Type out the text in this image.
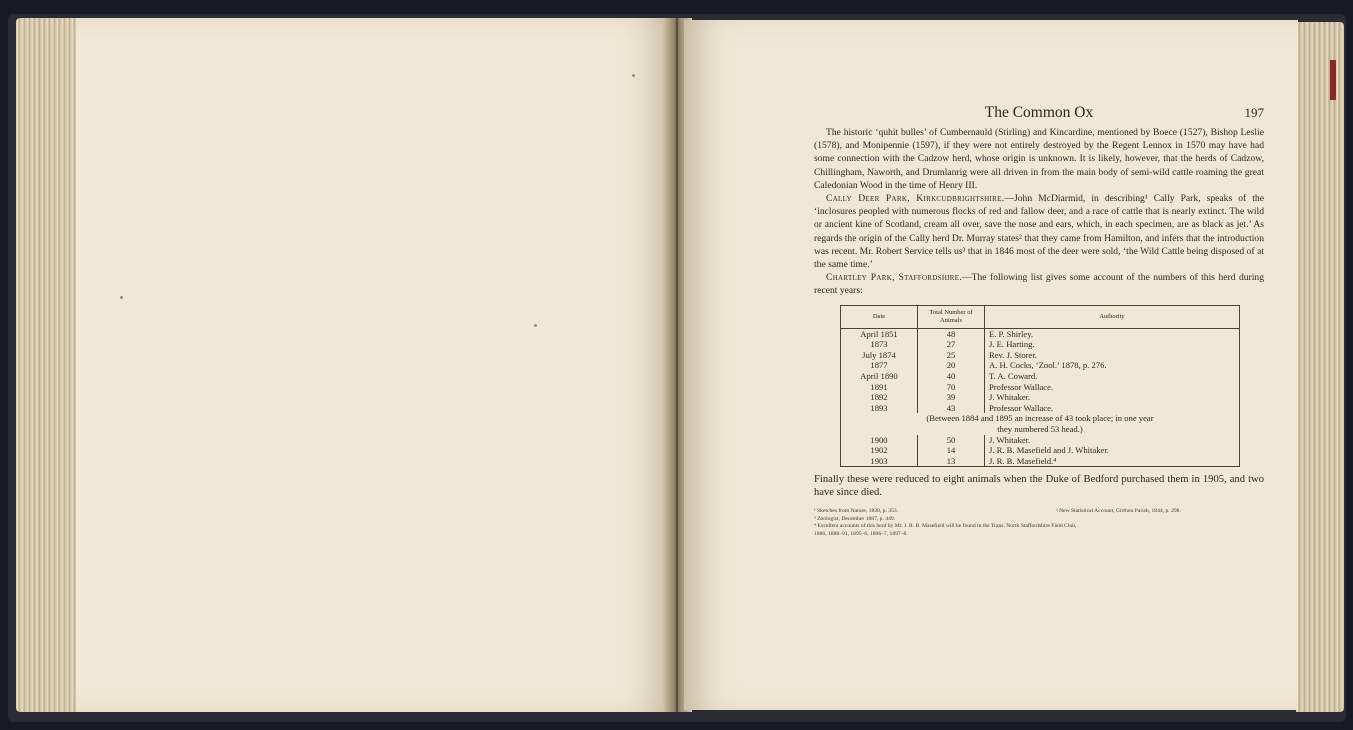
The Common Ox	197

The historic ‘quhit bulles’ of Cumbernauld (Stirling) and Kincardine, mentioned by Boece (1527), Bishop Leslie (1578), and Monipennie (1597), if they were not entirely destroyed by the Regent Lennox in 1570 may have had some connection with the Cadzow herd, whose origin is unknown. It is likely, however, that the herds of Cadzow, Chillingham, Naworth, and Drumlanrig were all driven in from the main body of semi-wild cattle roaming the great Caledonian Wood in the time of Henry III.

Cally Deer Park, Kirkcudbrightshire.—John McDiarmid, in describing¹ Cally Park, speaks of the ‘inclosures peopled with numerous flocks of red and fallow deer, and a race of cattle that is nearly extinct. The wild or ancient kine of Scotland, cream all over, save the nose and ears, which, in each specimen, are as black as jet.’ As regards the origin of the Cally herd Dr. Murray states² that they came from Hamilton, and infers that the introduction was recent. Mr. Robert Service tells us³ that in 1846 most of the deer were sold, ‘the Wild Cattle being disposed of at the same time.’

Chartley Park, Staffordshire.—The following list gives some account of the numbers of this herd during recent years:

Date	Total Number of Animals	Authority
April 1851	48	E. P. Shirley.
1873	27	J. E. Harting.
July 1874	25	Rev. J. Storer.
1877	20	A. H. Cocks, ‘Zool.’ 1878, p. 276.
April 1890	40	T. A. Coward.
1891	70	Professor Wallace.
1892	39	J. Whitaker.
1893	43	Professor Wallace.

(Between 1884 and 1895 an increase of 43 took place; in one year
they numbered 53 head.)		

1900	50	J. Whitaker.
1902	14	J. R. B. Masefield and J. Whitaker.
1903	13	J. R. B. Masefield.⁴

Finally these were reduced to eight animals when the Duke of Bedford purchased them in 1905, and two have since died.

¹ Sketches from Nature, 1830, p. 353.	² New Statistical Account, Girthon Parish, 1844, p. 298.
³ Zoologist, December 1887, p. 449.
⁴ Excellent accounts of this herd by Mr. J. R. B. Masefield will be found in the Trans. North Staffordshire Field Club,
1886, 1888–91, 1895–6, 1896–7, 1897–8.
